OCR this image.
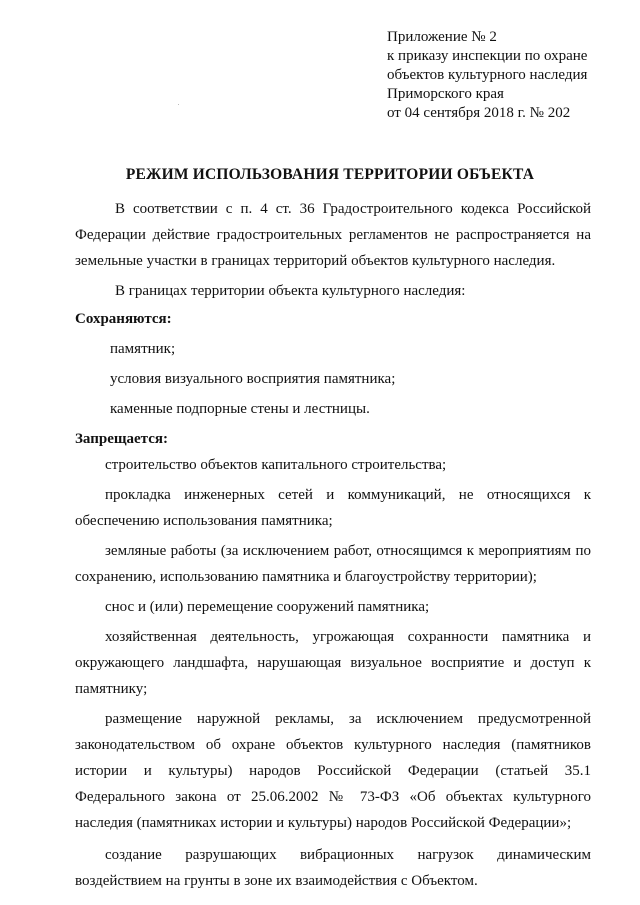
Приложение № 2
к приказу инспекции по охране
объектов культурного наследия
Приморского края
от 04 сентября 2018 г. № 202
РЕЖИМ ИСПОЛЬЗОВАНИЯ ТЕРРИТОРИИ ОБЪЕКТА

В соответствии с п. 4 ст. 36 Градостроительного кодекса Российской Федерации действие градостроительных регламентов не распространяется на земельные участки в границах территорий объектов культурного наследия.

В границах территории объекта культурного наследия:

Сохраняются:

памятник;

условия визуального восприятия памятника;

каменные подпорные стены и лестницы.

Запрещается:

строительство объектов капитального строительства;

прокладка инженерных сетей и коммуникаций, не относящихся к обеспечению использования памятника;

земляные работы (за исключением работ, относящимся к мероприятиям по сохранению, использованию памятника и благоустройству территории);

снос и (или) перемещение сооружений памятника;

хозяйственная деятельность, угрожающая сохранности памятника и окружающего ландшафта, нарушающая визуальное восприятие и доступ к памятнику;

размещение наружной рекламы, за исключением предусмотренной законодательством об охране объектов культурного наследия (памятников истории и культуры) народов Российской Федерации (статьей 35.1 Федерального закона от 25.06.2002 № 73-ФЗ «Об объектах культурного наследия (памятниках истории и культуры) народов Российской Федерации»;

создание разрушающих вибрационных нагрузок динамическим воздействием на грунты в зоне их взаимодействия с Объектом.
